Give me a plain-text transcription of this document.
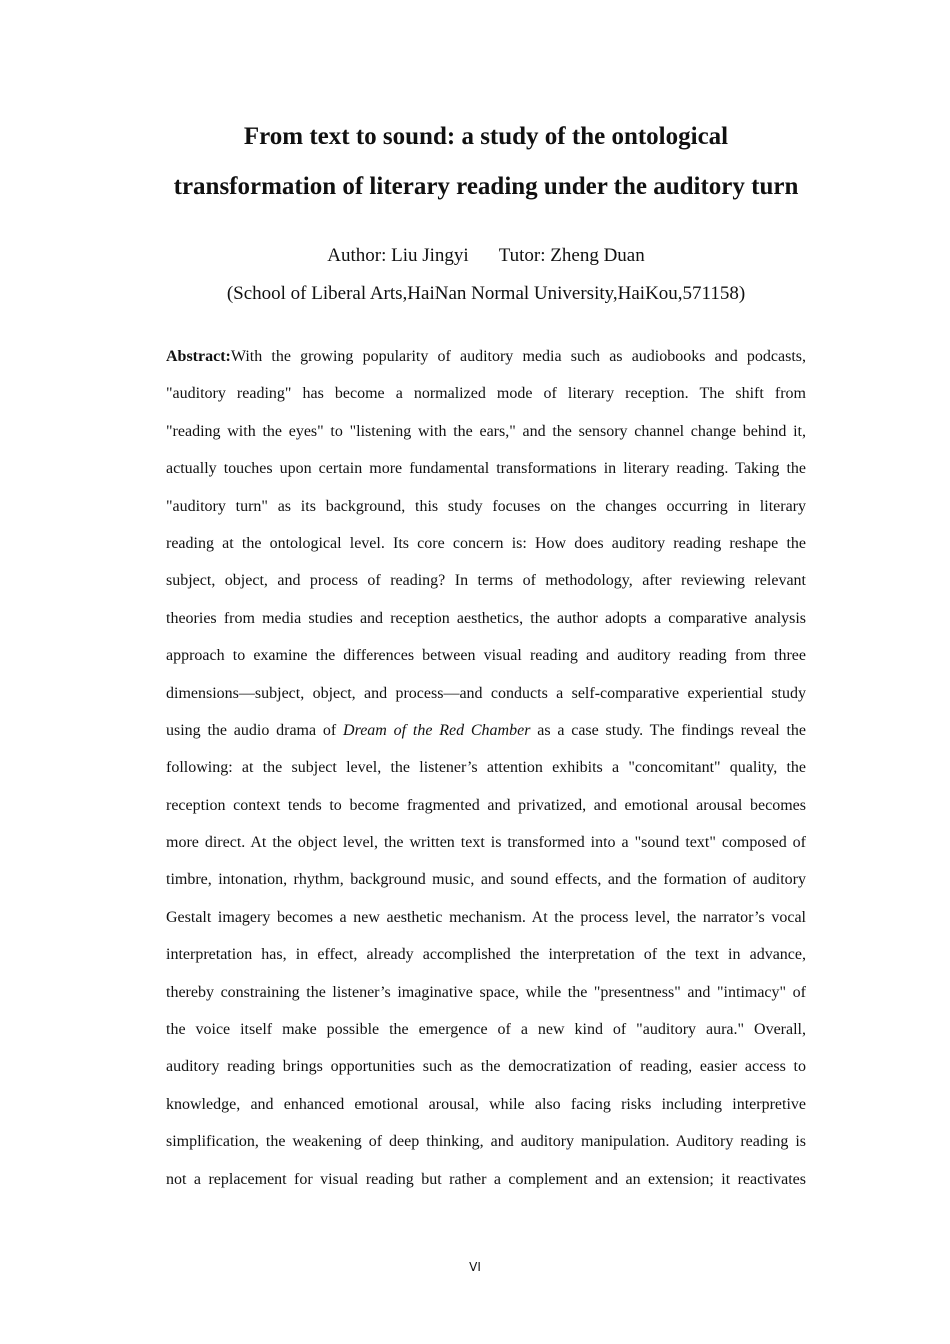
From text to sound: a study of the ontological
transformation of literary reading under the auditory turn
Author: Liu Jingyi Tutor: Zheng Duan
(School of Liberal Arts,HaiNan Normal University,HaiKou,571158)
Abstract:With the growing popularity of auditory media such as audiobooks and podcasts,
"auditory reading" has become a normalized mode of literary reception. The shift from
"reading with the eyes" to "listening with the ears," and the sensory channel change behind it,
actually touches upon certain more fundamental transformations in literary reading. Taking the
"auditory turn" as its background, this study focuses on the changes occurring in literary
reading at the ontological level. Its core concern is: How does auditory reading reshape the
subject, object, and process of reading? In terms of methodology, after reviewing relevant
theories from media studies and reception aesthetics, the author adopts a comparative analysis
approach to examine the differences between visual reading and auditory reading from three
dimensions—subject, object, and process—and conducts a self-comparative experiential study
using the audio drama of Dream of the Red Chamber as a case study. The findings reveal the
following: at the subject level, the listener’s attention exhibits a "concomitant" quality, the
reception context tends to become fragmented and privatized, and emotional arousal becomes
more direct. At the object level, the written text is transformed into a "sound text" composed of
timbre, intonation, rhythm, background music, and sound effects, and the formation of auditory
Gestalt imagery becomes a new aesthetic mechanism. At the process level, the narrator’s vocal
interpretation has, in effect, already accomplished the interpretation of the text in advance,
thereby constraining the listener’s imaginative space, while the "presentness" and "intimacy" of
the voice itself make possible the emergence of a new kind of "auditory aura." Overall,
auditory reading brings opportunities such as the democratization of reading, easier access to
knowledge, and enhanced emotional arousal, while also facing risks including interpretive
simplification, the weakening of deep thinking, and auditory manipulation. Auditory reading is
not a replacement for visual reading but rather a complement and an extension; it reactivates
VI
